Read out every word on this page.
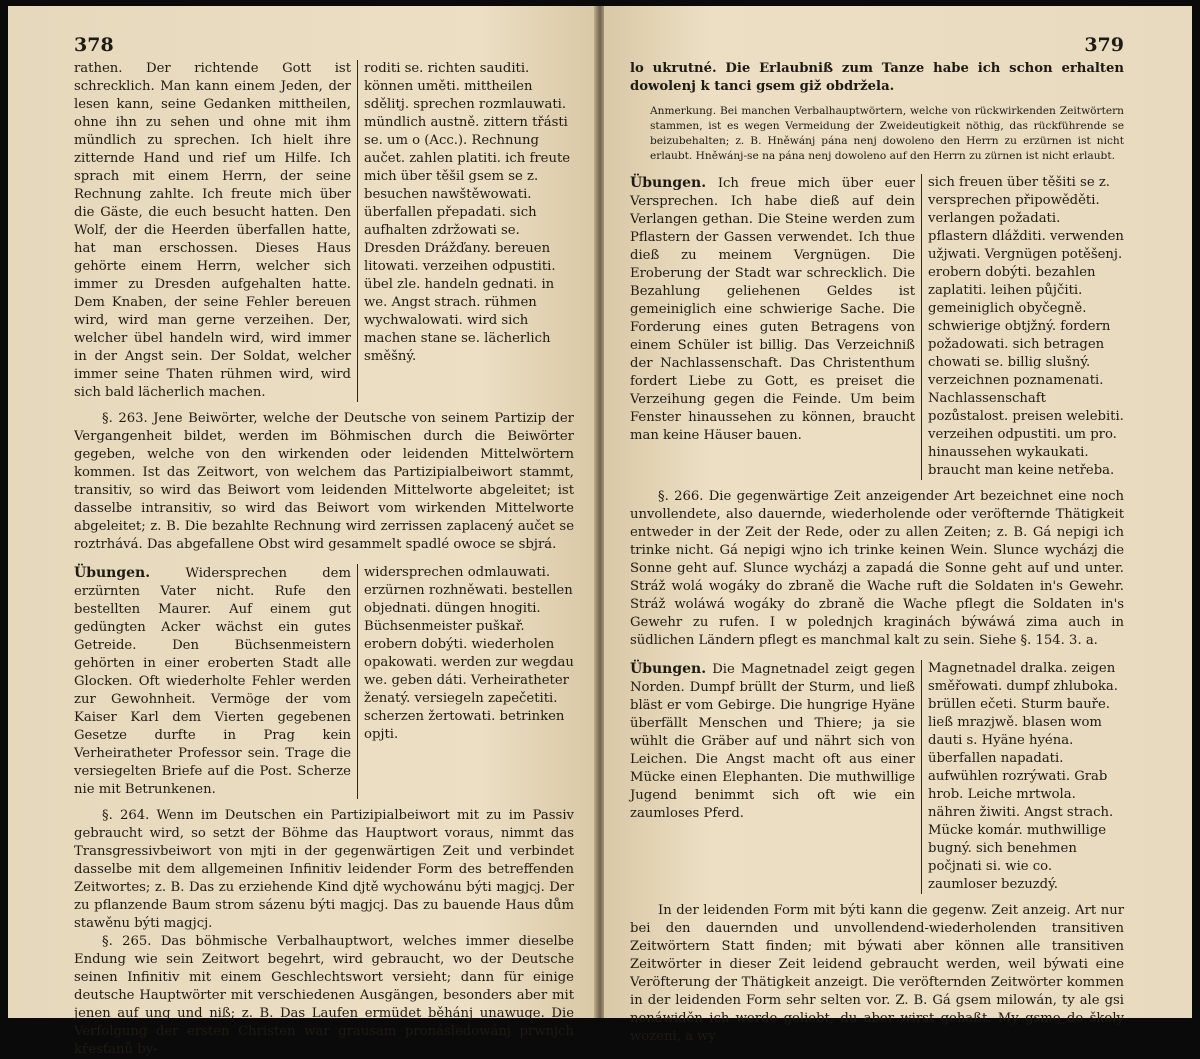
378
rathen. Der richtende Gott ist schrecklich. Man kann einem Jeden, der lesen kann, seine Gedanken mittheilen, ohne ihn zu sehen und ohne mit ihm mündlich zu sprechen. Ich hielt ihre zitternde Hand und rief um Hilfe. Ich sprach mit einem Herrn, der seine Rechnung zahlte. Ich freute mich über die Gäste, die euch besucht hatten. Den Wolf, der die Heerden überfallen hatte, hat man erschossen. Dieses Haus gehörte einem Herrn, welcher sich immer zu Dresden aufgehalten hatte. Dem Knaben, der seine Fehler bereuen wird, wird man gerne verzeihen. Der, welcher übel handeln wird, wird immer in der Angst sein. Der Soldat, welcher immer seine Thaten rühmen wird, wird sich bald lächerlich machen.
roditi se. richten sauditi. können uměti. mittheilen sdělitj. sprechen rozmlauwati. mündlich austně. zittern třásti se. um o (Acc.). Rechnung aučet. zahlen platiti. ich freute mich über těšil gsem se z. besuchen nawštěwowati. überfallen přepadati. sich aufhalten zdržowati se. Dresden Drážďany. bereuen litowati. verzeihen odpustiti. übel zle. handeln gednati. in we. Angst strach. rühmen wychwalowati. wird sich machen stane se. lächerlich směšný.

§. 263. Jene Beiwörter, welche der Deutsche von seinem Partizip der Vergangenheit bildet, werden im Böhmischen durch die Beiwörter gegeben, welche von den wirkenden oder leidenden Mittelwörtern kommen. Ist das Zeitwort, von welchem das Partizipialbeiwort stammt, transitiv, so wird das Beiwort vom leidenden Mittelworte abgeleitet; ist dasselbe intransitiv, so wird das Beiwort vom wirkenden Mittelworte abgeleitet; z. B. Die bezahlte Rechnung wird zerrissen zaplacený aučet se roztrhává. Das abgefallene Obst wird gesammelt spadlé owoce se sbjrá.

Übungen.	Widersprechen dem erzürnten Vater nicht. Rufe den bestellten Maurer. Auf einem gut gedüngten Acker wächst ein gutes Getreide. Den Büchsenmeistern gehörten in einer eroberten Stadt alle Glocken. Oft wiederholte Fehler werden zur Gewohnheit. Vermöge der vom Kaiser Karl dem Vierten gegebenen Gesetze durfte in Prag kein Verheiratheter Professor sein. Trage die versiegelten Briefe auf die Post. Scherze nie mit Betrunkenen.
widersprechen odmlauwati. erzürnen rozhněwati. bestellen objednati. düngen hnogiti. Büchsenmeister puškař. erobern dobýti. wiederholen opakowati. werden zur wegdau we. geben dáti. Verheiratheter ženatý. versiegeln zapečetiti. scherzen žertowati. betrinken opjti.

§. 264. Wenn im Deutschen ein Partizipialbeiwort mit zu im Passiv gebraucht wird, so setzt der Böhme das Hauptwort voraus, nimmt das Transgressivbeiwort von mjti in der gegenwärtigen Zeit und verbindet dasselbe mit dem allgemeinen Infinitiv leidender Form des betreffenden Zeitwortes; z. B. Das zu erziehende Kind djtě wychowánu býti magjcj. Der zu pflanzende Baum strom sázenu býti magjcj. Das zu bauende Haus dům stawěnu býti magjcj.

§. 265. Das böhmische Verbalhauptwort, welches immer dieselbe Endung wie sein Zeitwort begehrt, wird gebraucht, wo der Deutsche seinen Infinitiv mit einem Geschlechtswort versieht; dann für einige deutsche Hauptwörter mit verschiedenen Ausgängen, besonders aber mit jenen auf ung und niß; z. B. Das Laufen ermüdet běhánj unawuge. Die Verfolgung der ersten Christen war grausam pronásledowánj prwnjch křesťanů by-

379

lo ukrutné. Die Erlaubniß zum Tanze habe ich schon erhalten dowolenj k tanci gsem giž obdržela.

Anmerkung. Bei manchen Verbalhauptwörtern, welche von rückwirkenden Zeitwörtern stammen, ist es wegen Vermeidung der Zweideutigkeit nöthig, das rückführende se beizubehalten; z. B. Hněwánj pána nenj dowoleno den Herrn zu erzürnen ist nicht erlaubt. Hněwánj-se na pána nenj dowoleno auf den Herrn zu zürnen ist nicht erlaubt.

Übungen. Ich freue mich über euer Versprechen. Ich habe dieß auf dein Verlangen gethan. Die Steine werden zum Pflastern der Gassen verwendet. Ich thue dieß zu meinem Vergnügen. Die Eroberung der Stadt war schrecklich. Die Bezahlung geliehenen Geldes ist gemeiniglich eine schwierige Sache. Die Forderung eines guten Betragens von einem Schüler ist billig. Das Verzeichniß der Nachlassenschaft. Das Christenthum fordert Liebe zu Gott, es preiset die Verzeihung gegen die Feinde. Um beim Fenster hinaussehen zu können, braucht man keine Häuser bauen.
sich freuen über těšiti se z. versprechen připowěděti. verlangen požadati. pflastern dlážditi. verwenden užjwati. Vergnügen potěšenj. erobern dobýti. bezahlen zaplatiti. leihen půjčiti. gemeiniglich obyčegně. schwierige obtjžný. fordern požadowati. sich betragen chowati se. billig slušný. verzeichnen poznamenati. Nachlassenschaft pozůstalost. preisen welebiti. verzeihen odpustiti. um pro. hinaussehen wykaukati. braucht man keine netřeba.

§. 266. Die gegenwärtige Zeit anzeigender Art bezeichnet eine noch unvollendete, also dauernde, wiederholende oder veröfternde Thätigkeit entweder in der Zeit der Rede, oder zu allen Zeiten; z. B. Gá nepigi ich trinke nicht. Gá nepigi wjno ich trinke keinen Wein. Slunce wycházj die Sonne geht auf. Slunce wycházj a zapadá die Sonne geht auf und unter. Stráž wolá wogáky do zbraně die Wache ruft die Soldaten in's Gewehr. Stráž woláwá wogáky do zbraně die Wache pflegt die Soldaten in's Gewehr zu rufen. I w polednjch kraginách býwáwá zima auch in südlichen Ländern pflegt es manchmal kalt zu sein. Siehe §. 154. 3. a.

Übungen. Die Magnetnadel zeigt gegen Norden. Dumpf brüllt der Sturm, und ließ bläst er vom Gebirge. Die hungrige Hyäne überfällt Menschen und Thiere; ja sie wühlt die Gräber auf und nährt sich von Leichen. Die Angst macht oft aus einer Mücke einen Elephanten. Die muthwillige Jugend benimmt sich oft wie ein zaumloses Pferd.
Magnetnadel dralka. zeigen směřowati. dumpf zhluboka. brüllen ečeti. Sturm bauře. ließ mrazjwě. blasen wom dauti s. Hyäne hyéna. überfallen napadati. aufwühlen rozrýwati. Grab hrob. Leiche mrtwola. nähren žiwiti. Angst strach. Mücke komár. muthwillige bugný. sich benehmen počjnati si. wie co. zaumloser bezuzdý.

In der leidenden Form mit býti kann die gegenw. Zeit anzeig. Art nur bei den dauernden und unvollendend-wiederholenden transitiven Zeitwörtern Statt finden; mit býwati aber können alle transitiven Zeitwörter in dieser Zeit leidend gebraucht werden, weil býwati eine Veröfterung der Thätigkeit anzeigt. Die veröfternden Zeitwörter kommen in der leidenden Form sehr selten vor. Z. B. Gá gsem milowán, ty ale gsi nenáwiděn ich werde geliebt, du aber wirst gehaßt. My gsme do školy wozeni, a wy
